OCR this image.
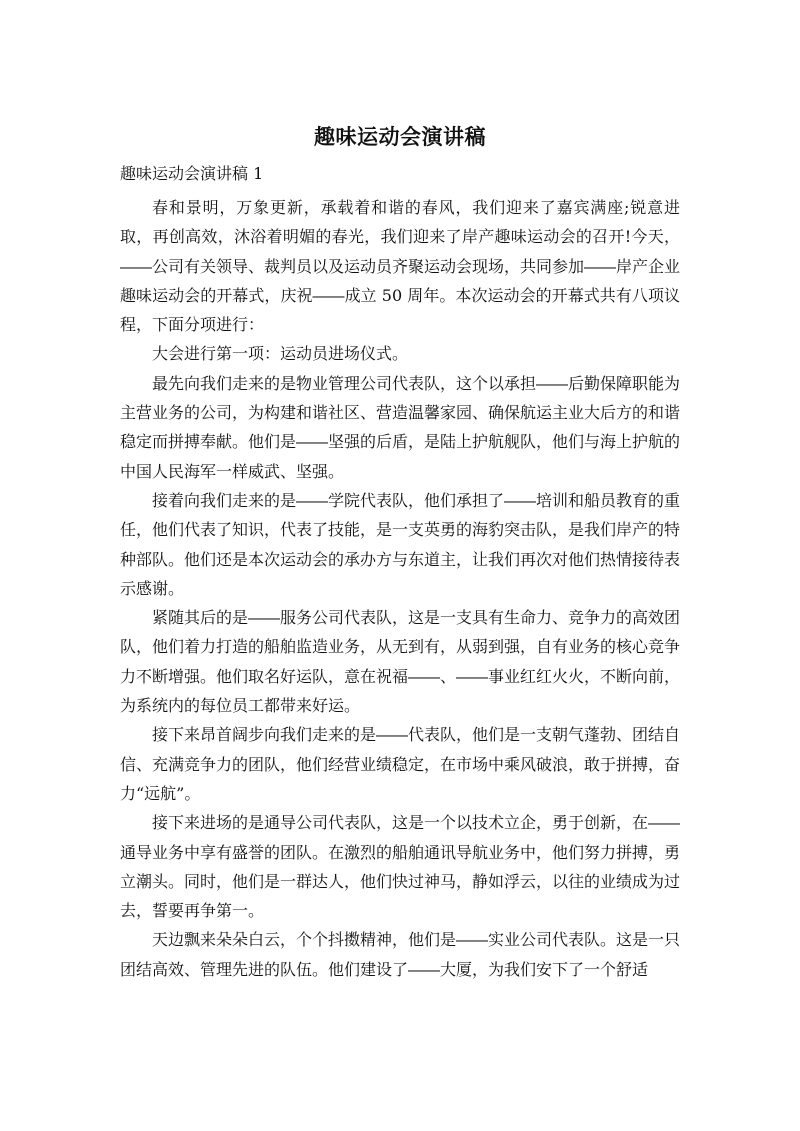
趣味运动会演讲稿
趣味运动会演讲稿 1

春和景明，万象更新，承载着和谐的春风，我们迎来了嘉宾满座;锐意进取，再创高效，沐浴着明媚的春光，我们迎来了岸产趣味运动会的召开!今天，――公司有关领导、裁判员以及运动员齐聚运动会现场，共同参加――岸产企业趣味运动会的开幕式，庆祝――成立 50 周年。本次运动会的开幕式共有八项议程，下面分项进行：

大会进行第一项：运动员进场仪式。

最先向我们走来的是物业管理公司代表队，这个以承担――后勤保障职能为主营业务的公司，为构建和谐社区、营造温馨家园、确保航运主业大后方的和谐稳定而拼搏奉献。他们是――坚强的后盾，是陆上护航舰队，他们与海上护航的中国人民海军一样威武、坚强。

接着向我们走来的是――学院代表队，他们承担了――培训和船员教育的重任，他们代表了知识，代表了技能，是一支英勇的海豹突击队，是我们岸产的特种部队。他们还是本次运动会的承办方与东道主，让我们再次对他们热情接待表示感谢。

紧随其后的是――服务公司代表队，这是一支具有生命力、竞争力的高效团队，他们着力打造的船舶监造业务，从无到有，从弱到强，自有业务的核心竞争力不断增强。他们取名好运队，意在祝福――、――事业红红火火，不断向前，为系统内的每位员工都带来好运。

接下来昂首阔步向我们走来的是――代表队，他们是一支朝气蓬勃、团结自信、充满竞争力的团队，他们经营业绩稳定，在市场中乘风破浪，敢于拼搏，奋力“远航”。

接下来进场的是通导公司代表队，这是一个以技术立企，勇于创新，在――通导业务中享有盛誉的团队。在激烈的船舶通讯导航业务中，他们努力拼搏，勇立潮头。同时，他们是一群达人，他们快过神马，静如浮云，以往的业绩成为过去，誓要再争第一。

天边飘来朵朵白云，个个抖擞精神，他们是――实业公司代表队。这是一只团结高效、管理先进的队伍。他们建设了――大厦，为我们安下了一个舒适
